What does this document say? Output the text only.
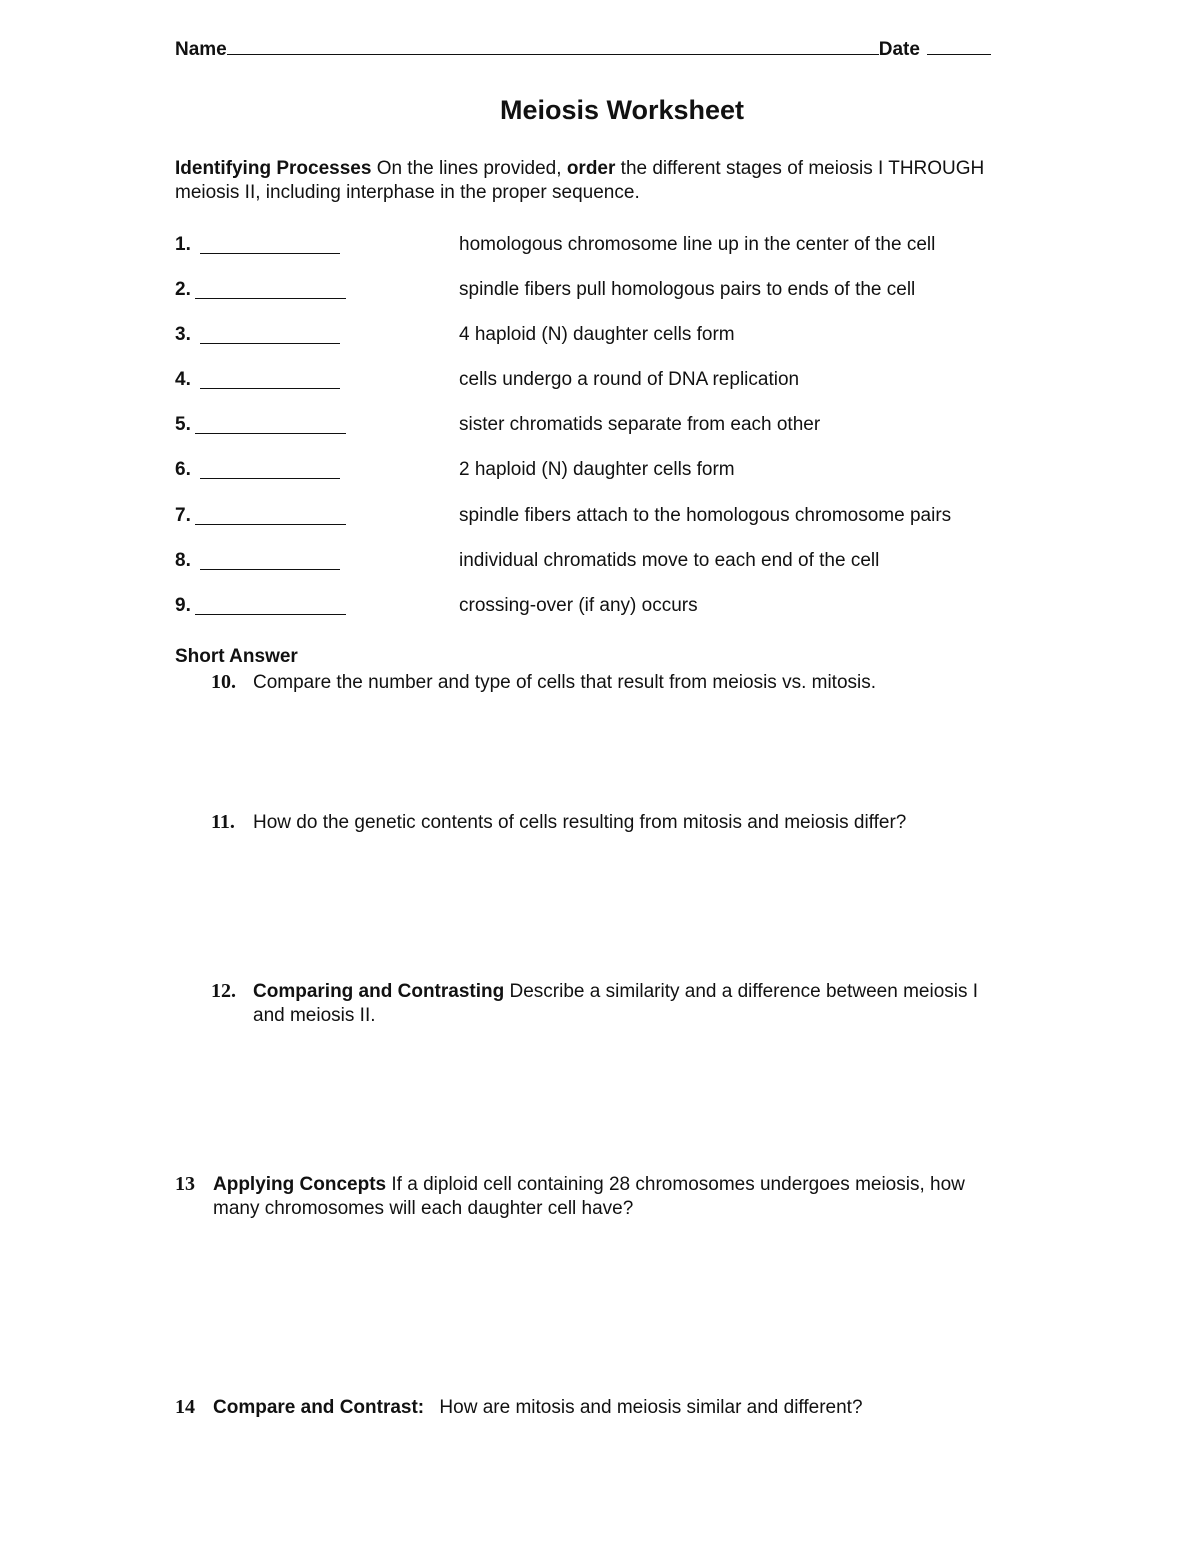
Name	Date
Meiosis Worksheet
Identifying Processes On the lines provided, order the different stages of meiosis I THROUGH
meiosis II, including interphase in the proper sequence.
1.	homologous chromosome line up in the center of the cell
2.	spindle fibers pull homologous pairs to ends of the cell
3.	4 haploid (N) daughter cells form
4.	cells undergo a round of DNA replication
5.	sister chromatids separate from each other
6.	2 haploid (N) daughter cells form
7.	spindle fibers attach to the homologous chromosome pairs
8.	individual chromatids move to each end of the cell
9.	crossing-over (if any) occurs
Short Answer
10. Compare the number and type of cells that result from meiosis vs. mitosis.
11. How do the genetic contents of cells resulting from mitosis and meiosis differ?
12. Comparing and Contrasting Describe a similarity and a difference between meiosis I
and meiosis II.
13 Applying Concepts If a diploid cell containing 28 chromosomes undergoes meiosis, how
many chromosomes will each daughter cell have?
14 Compare and Contrast: How are mitosis and meiosis similar and different?
